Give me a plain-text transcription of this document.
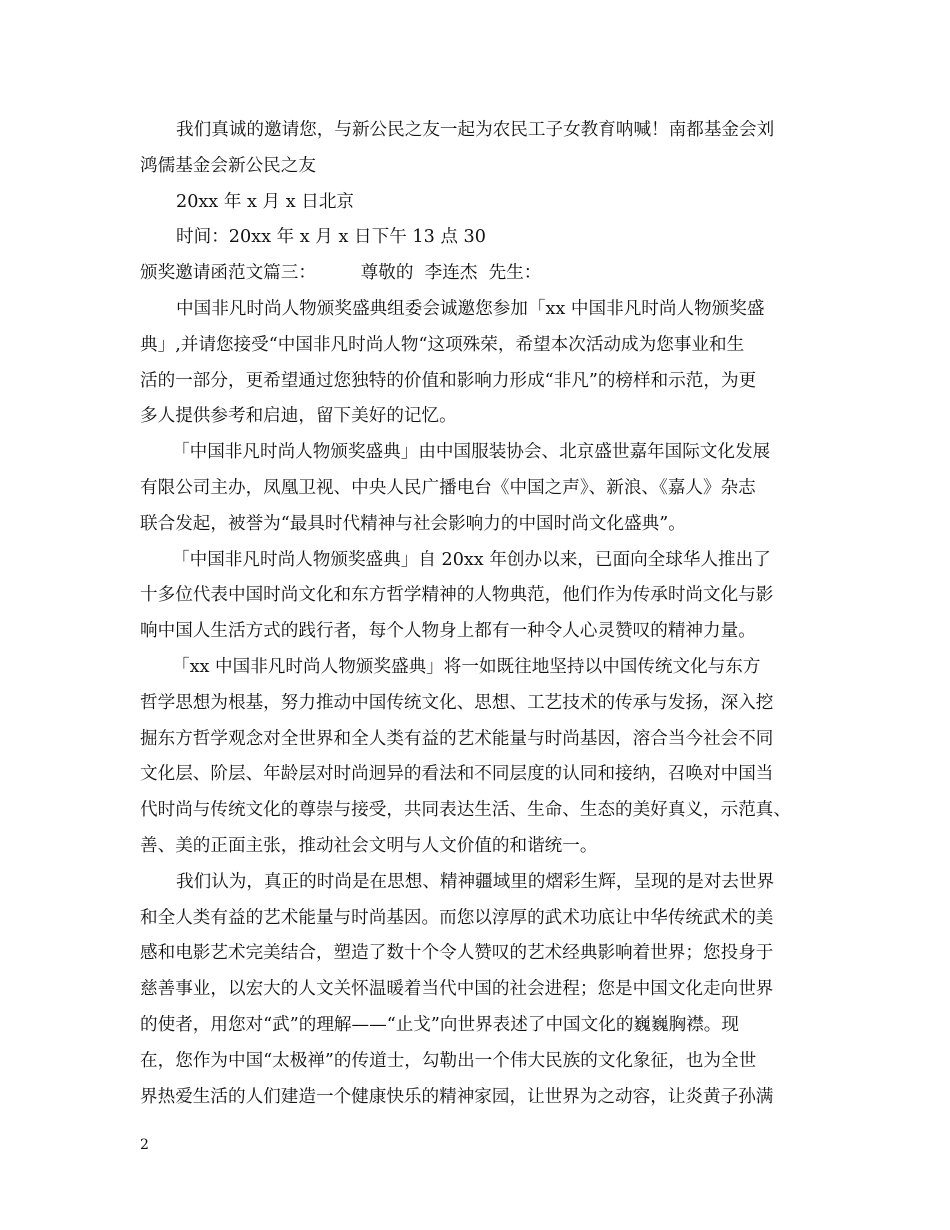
我们真诚的邀请您，与新公民之友一起为农民工子女教育呐喊！南都基金会刘
鸿儒基金会新公民之友
20xx 年 x 月 x 日北京
时间：20xx 年 x 月 x 日下午 13 点 30
颁奖邀请函范文篇三：        尊敬的  李连杰  先生：
中国非凡时尚人物颁奖盛典组委会诚邀您参加「xx 中国非凡时尚人物颁奖盛
典」,并请您接受“中国非凡时尚人物“这项殊荣，希望本次活动成为您事业和生
活的一部分，更希望通过您独特的价值和影响力形成“非凡”的榜样和示范，为更
多人提供参考和启迪，留下美好的记忆。
「中国非凡时尚人物颁奖盛典」由中国服装协会、北京盛世嘉年国际文化发展
有限公司主办，凤凰卫视、中央人民广播电台《中国之声》、新浪、《嘉人》杂志
联合发起，被誉为“最具时代精神与社会影响力的中国时尚文化盛典”。
「中国非凡时尚人物颁奖盛典」自 20xx 年创办以来，已面向全球华人推出了
十多位代表中国时尚文化和东方哲学精神的人物典范，他们作为传承时尚文化与影
响中国人生活方式的践行者，每个人物身上都有一种令人心灵赞叹的精神力量。
「xx 中国非凡时尚人物颁奖盛典」将一如既往地坚持以中国传统文化与东方
哲学思想为根基，努力推动中国传统文化、思想、工艺技术的传承与发扬，深入挖
掘东方哲学观念对全世界和全人类有益的艺术能量与时尚基因，溶合当今社会不同
文化层、阶层、年龄层对时尚迥异的看法和不同层度的认同和接纳，召唤对中国当
代时尚与传统文化的尊崇与接受，共同表达生活、生命、生态的美好真义，示范真、
善、美的正面主张，推动社会文明与人文价值的和谐统一。
我们认为，真正的时尚是在思想、精神疆域里的熠彩生辉，呈现的是对去世界
和全人类有益的艺术能量与时尚基因。而您以淳厚的武术功底让中华传统武术的美
感和电影艺术完美结合，塑造了数十个令人赞叹的艺术经典影响着世界；您投身于
慈善事业，以宏大的人文关怀温暖着当代中国的社会进程；您是中国文化走向世界
的使者，用您对“武”的理解——“止戈”向世界表述了中国文化的巍巍胸襟。现
在，您作为中国“太极禅”的传道士，勾勒出一个伟大民族的文化象征，也为全世
界热爱生活的人们建造一个健康快乐的精神家园，让世界为之动容，让炎黄子孙满
2
